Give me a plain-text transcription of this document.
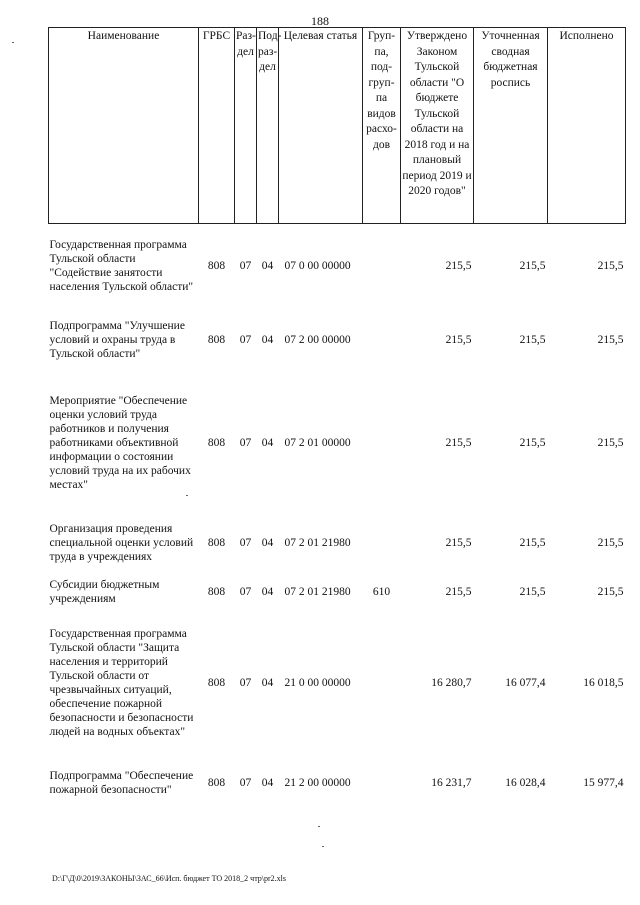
188
Наименование	ГРБС	Раз-дел	Под-раз-дел	Целевая статья	Груп-па, под-груп-па видов расхо-дов	Утверждено Законом Тульской области "О бюджете Тульской области на 2018 год и на плановый период 2019 и 2020 годов"	Уточненная сводная бюджетная роспись	Исполнено
Государственная программа Тульской области "Содействие занятости населения Тульской области"	808	07	04	07 0 00 00000		215,5	215,5	215,5
Подпрограмма "Улучшение условий и охраны труда в Тульской области"	808	07	04	07 2 00 00000		215,5	215,5	215,5
Мероприятие "Обеспечение оценки условий труда работников и получения работниками объективной информации о состоянии условий труда на их рабочих местах"	808	07	04	07 2 01 00000		215,5	215,5	215,5
Организация проведения специальной оценки условий труда в учреждениях	808	07	04	07 2 01 21980		215,5	215,5	215,5
Субсидии бюджетным учреждениям	808	07	04	07 2 01 21980	610	215,5	215,5	215,5
Государственная программа Тульской области "Защита населения и территорий Тульской области от чрезвычайных ситуаций, обеспечение пожарной безопасности и безопасности людей на водных объектах"	808	07	04	21 0 00 00000		16 280,7	16 077,4	16 018,5
Подпрограмма "Обеспечение пожарной безопасности"	808	07	04	21 2 00 00000		16 231,7	16 028,4	15 977,4
D:\Г\Д\0\2019\ЗАКОНЫ\ЗАС_66\Исп. бюджет ТО 2018_2 чтр\pr2.xls
